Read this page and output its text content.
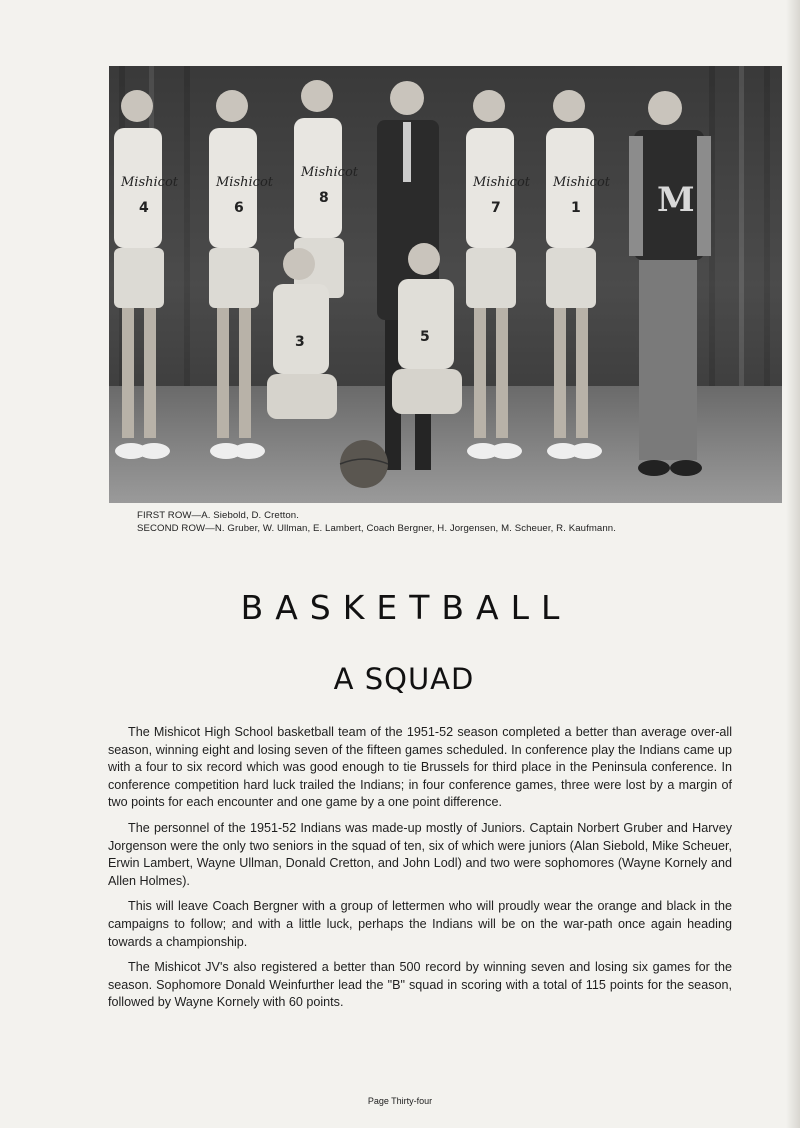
Mishicot
4
Mishicot
6
Mishicot
8
Mishicot
7
Mishicot
1 M
3	5
FIRST ROW—A. Siebold, D. Cretton.
SECOND ROW—N. Gruber, W. Ullman, E. Lambert, Coach Bergner, H. Jorgensen, M. Scheuer, R. Kaufmann.
BASKETBALL
A SQUAD

The Mishicot High School basketball team of the 1951-52 season completed a better than average over-all season, winning eight and losing seven of the fifteen games scheduled. In conference play the Indians came up with a four to six record which was good enough to tie Brussels for third place in the Peninsula conference. In conference competition hard luck trailed the Indians; in four conference games, three were lost by a margin of two points for each encounter and one game by a one point difference.

The personnel of the 1951-52 Indians was made-up mostly of Juniors. Captain Norbert Gruber and Harvey Jorgenson were the only two seniors in the squad of ten, six of which were juniors (Alan Siebold, Mike Scheuer, Erwin Lambert, Wayne Ullman, Donald Cretton, and John Lodl) and two were sophomores (Wayne Kornely and Allen Holmes).

This will leave Coach Bergner with a group of lettermen who will proudly wear the orange and black in the campaigns to follow; and with a little luck, perhaps the Indians will be on the war-path once again heading towards a championship.

The Mishicot JV's also registered a better than 500 record by winning seven and losing six games for the season. Sophomore Donald Weinfurther lead the "B" squad in scoring with a total of 115 points for the season, followed by Wayne Kornely with 60 points.

Page Thirty-four
